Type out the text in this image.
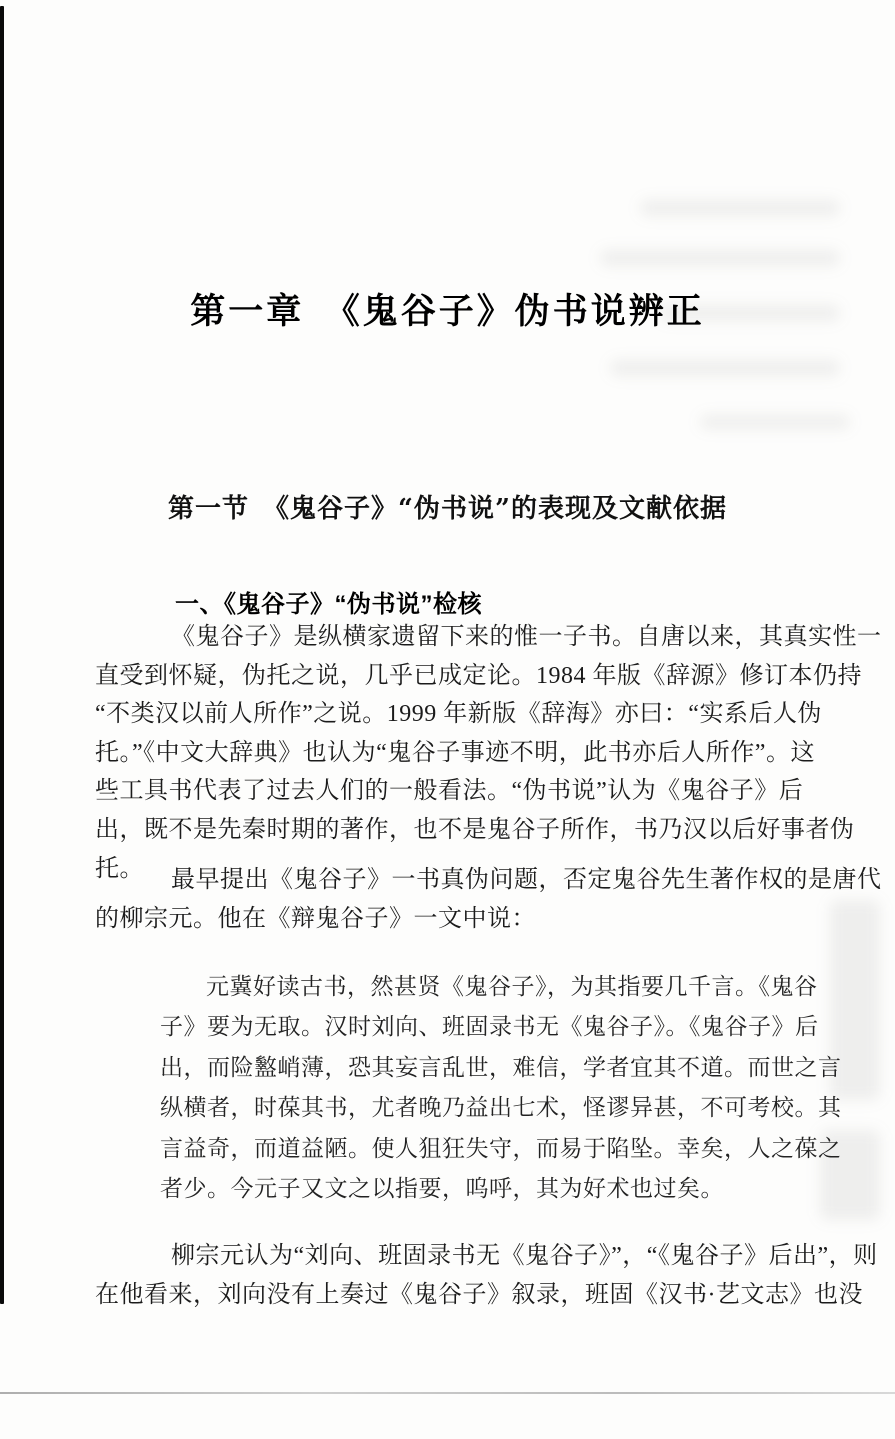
第一章　《鬼谷子》伪书说辨正
第一节　《鬼谷子》“伪书说”的表现及文献依据
一、《鬼谷子》“伪书说”检核
《鬼谷子》是纵横家遗留下来的惟一子书。自唐以来，其真实性一
直受到怀疑，伪托之说，几乎已成定论。1984 年版《辞源》修订本仍持
“不类汉以前人所作”之说。1999 年新版《辞海》亦曰：“实系后人伪
托。”《中文大辞典》也认为“鬼谷子事迹不明，此书亦后人所作”。这
些工具书代表了过去人们的一般看法。“伪书说”认为《鬼谷子》后
出，既不是先秦时期的著作，也不是鬼谷子所作，书乃汉以后好事者伪
托。	最早提出《鬼谷子》一书真伪问题，否定鬼谷先生著作权的是唐代
的柳宗元。他在《辩鬼谷子》一文中说：
元冀好读古书，然甚贤《鬼谷子》，为其指要几千言。《鬼谷
子》要为无取。汉时刘向、班固录书无《鬼谷子》。《鬼谷子》后
出，而险盭峭薄，恐其妄言乱世，难信，学者宜其不道。而世之言
纵横者，时葆其书，尤者晚乃益出七术，怪谬异甚，不可考校。其
言益奇，而道益陋。使人狙狂失守，而易于陷坠。幸矣，人之葆之
者少。今元子又文之以指要，呜呼，其为好术也过矣。
柳宗元认为“刘向、班固录书无《鬼谷子》”，“《鬼谷子》后出”，则
在他看来，刘向没有上奏过《鬼谷子》叙录，班固《汉书·艺文志》也没
